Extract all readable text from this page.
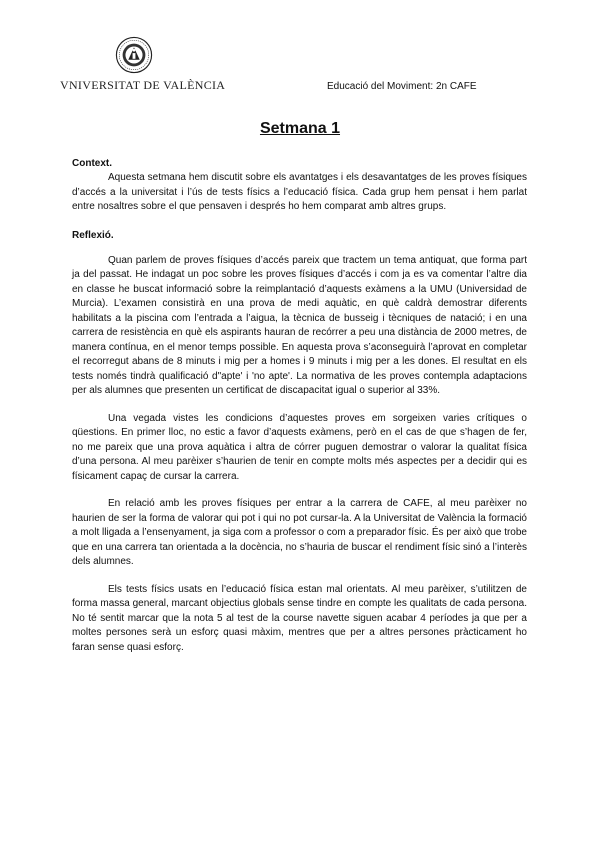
VNIVERSITAT DE VALÈNCIA	Educació del Moviment: 2n CAFE
Setmana 1
Context.

Aquesta setmana hem discutit sobre els avantatges i els desavantatges de les proves físiques d’accés a la universitat i l’ús de tests físics a l’educació física. Cada grup hem pensat i hem parlat entre nosaltres sobre el que pensaven i després ho hem comparat amb altres grups.

Reflexió.

Quan parlem de proves físiques d’accés pareix que tractem un tema antiquat, que forma part ja del passat. He indagat un poc sobre les proves físiques d’accés i com ja es va comentar l’altre dia en classe he buscat informació sobre la reimplantació d’aquests exàmens a la UMU (Universidad de Murcia). L’examen consistirà en una prova de medi aquàtic, en què caldrà demostrar diferents habilitats a la piscina com l’entrada a l’aigua, la tècnica de busseig i tècniques de natació; i en una carrera de resistència en què els aspirants hauran de recórrer a peu una distància de 2000 metres, de manera contínua, en el menor temps possible. En aquesta prova s’aconseguirà l’aprovat en completar el recorregut abans de 8 minuts i mig per a homes i 9 minuts i mig per a les dones. El resultat en els tests només tindrà qualificació d"apte' i 'no apte'. La normativa de les proves contempla adaptacions per als alumnes que presenten un certificat de discapacitat igual o superior al 33%.

Una vegada vistes les condicions d’aquestes proves em sorgeixen varies crítiques o qüestions. En primer lloc, no estic a favor d’aquests exàmens, però en el cas de que s’hagen de fer, no me pareix que una prova aquàtica i altra de córrer puguen demostrar o valorar la qualitat física d’una persona. Al meu parèixer s’haurien de tenir en compte molts més aspectes per a decidir qui es físicament capaç de cursar la carrera.

En relació amb les proves físiques per entrar a la carrera de CAFE, al meu parèixer no haurien de ser la forma de valorar qui pot i qui no pot cursar-la. A la Universitat de València la formació a molt lligada a l’ensenyament, ja siga com a professor o com a preparador físic. És per això que trobe que en una carrera tan orientada a la docència, no s’hauria de buscar el rendiment físic sinó a l’interès dels alumnes.

Els tests físics usats en l’educació física estan mal orientats. Al meu parèixer, s’utilitzen de forma massa general, marcant objectius globals sense tindre en compte les qualitats de cada persona. No té sentit marcar que la nota 5 al test de la course navette siguen acabar 4 períodes ja que per a moltes persones serà un esforç quasi màxim, mentres que per a altres persones pràcticament ho faran sense quasi esforç.
